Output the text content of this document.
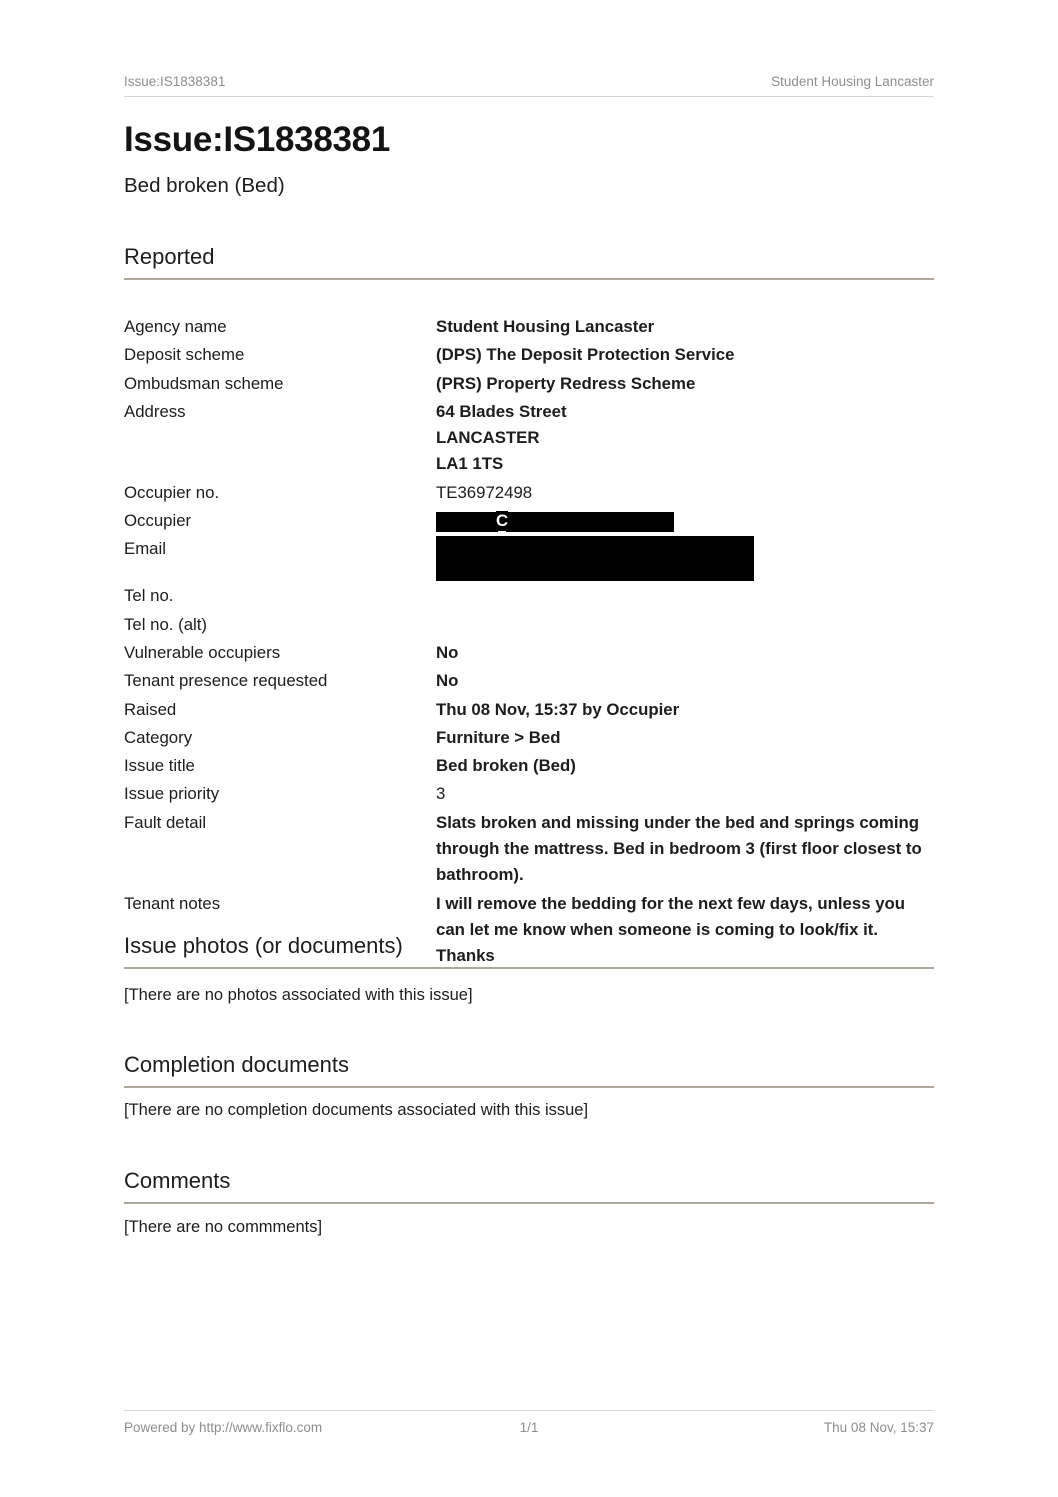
Issue:IS1838381	Student Housing Lancaster
Issue:IS1838381
Bed broken (Bed)
Reported
Agency name	Student Housing Lancaster
Deposit scheme	(DPS) The Deposit Protection Service
Ombudsman scheme	(PRS) Property Redress Scheme
Address	64 Blades Street
LANCASTER
LA1 1TS

Occupier no.	TE36972498
Occupier	C
Email	

Tel no.	
Tel no. (alt)	
Vulnerable occupiers	No
Tenant presence requested	No
Raised	Thu 08 Nov, 15:37 by Occupier
Category	Furniture > Bed
Issue title	Bed broken (Bed)
Issue priority	3
Fault detail	Slats broken and missing under the bed and springs coming through the mattress. Bed in bedroom 3 (first floor closest to bathroom).
Tenant notes	I will remove the bedding for the next few days, unless you can let me know when someone is coming to look/fix it. Thanks
Issue photos (or documents)
[There are no photos associated with this issue]
Completion documents
[There are no completion documents associated with this issue]
Comments
[There are no commments]
Powered by http://www.fixflo.com	1/1	Thu 08 Nov, 15:37
